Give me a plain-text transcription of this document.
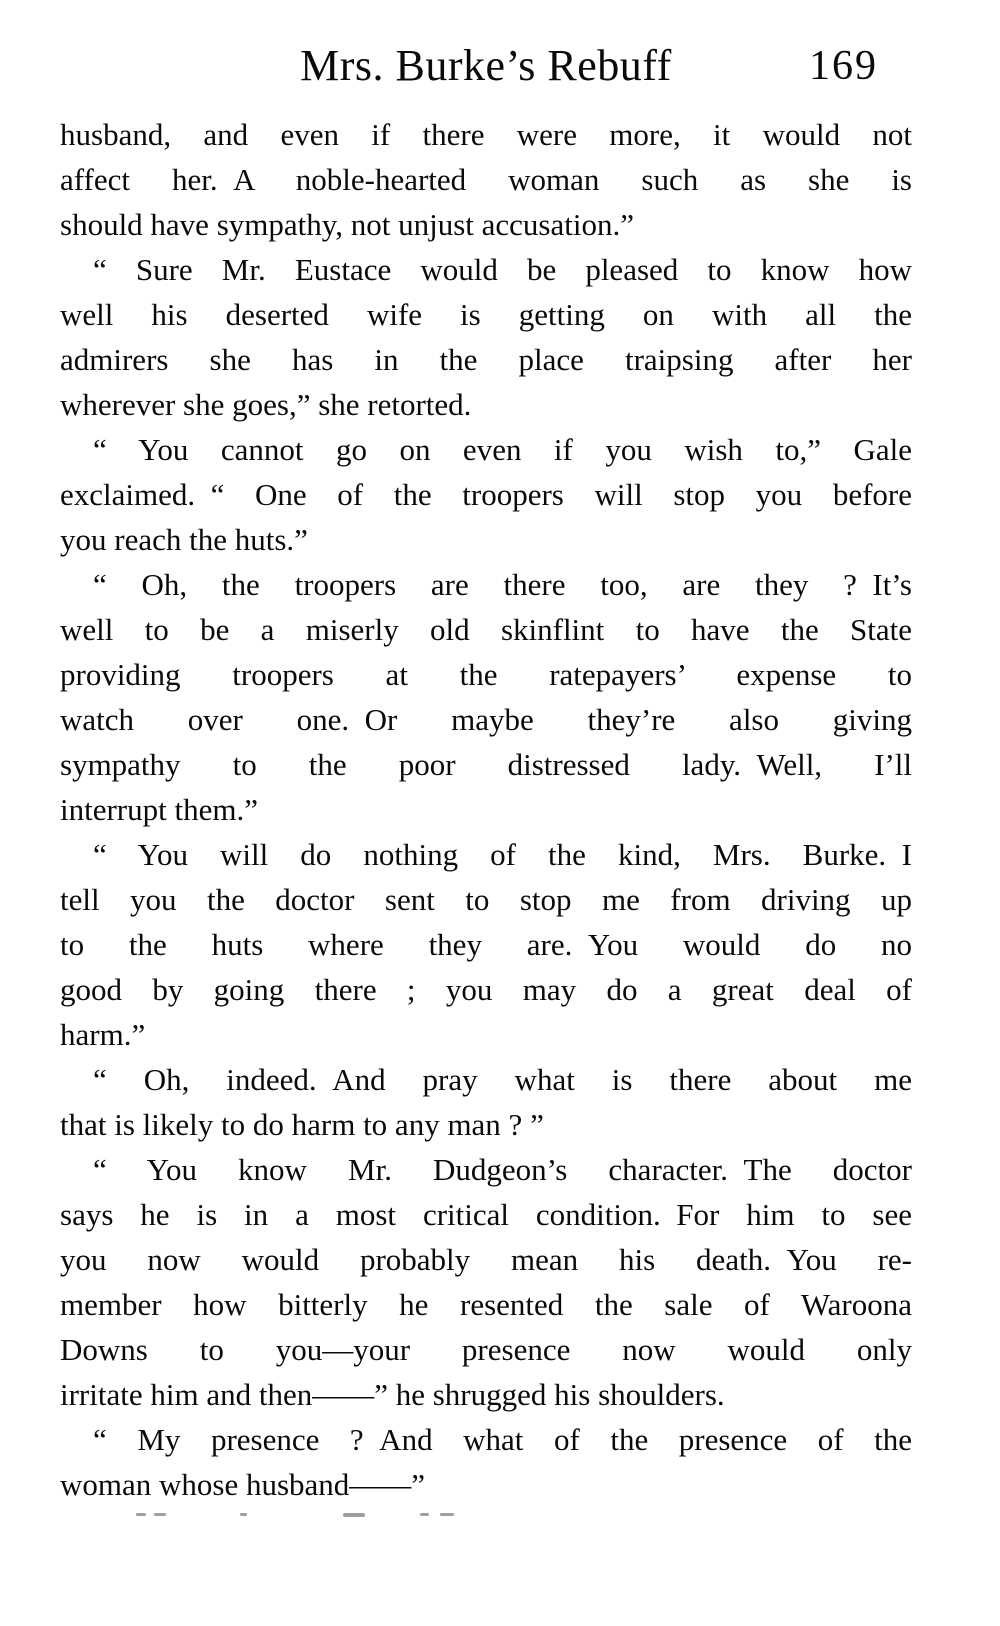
Mrs. Burke’s Rebuff	169
husband, and even if there were more, it would not
affect her. A noble-hearted woman such as she is
should have sympathy, not unjust accusation.”
“ Sure Mr. Eustace would be pleased to know how
well his deserted wife is getting on with all the
admirers she has in the place traipsing after her
wherever she goes,” she retorted.
“ You cannot go on even if you wish to,” Gale
exclaimed. “ One of the troopers will stop you before
you reach the huts.”
“ Oh, the troopers are there too, are they ? It’s
well to be a miserly old skinflint to have the State
providing troopers at the ratepayers’ expense to
watch over one. Or maybe they’re also giving
sympathy to the poor distressed lady. Well, I’ll
interrupt them.”
“ You will do nothing of the kind, Mrs. Burke. I
tell you the doctor sent to stop me from driving up
to the huts where they are. You would do no
good by going there ; you may do a great deal of
harm.”
“ Oh, indeed. And pray what is there about me
that is likely to do harm to any man ? ”
“ You know Mr. Dudgeon’s character. The doctor
says he is in a most critical condition. For him to see
you now would probably mean his death. You re-
member how bitterly he resented the sale of Waroona
Downs to you—your presence now would only
irritate him and then——” he shrugged his shoulders.
“ My presence ? And what of the presence of the
woman whose husband——”
